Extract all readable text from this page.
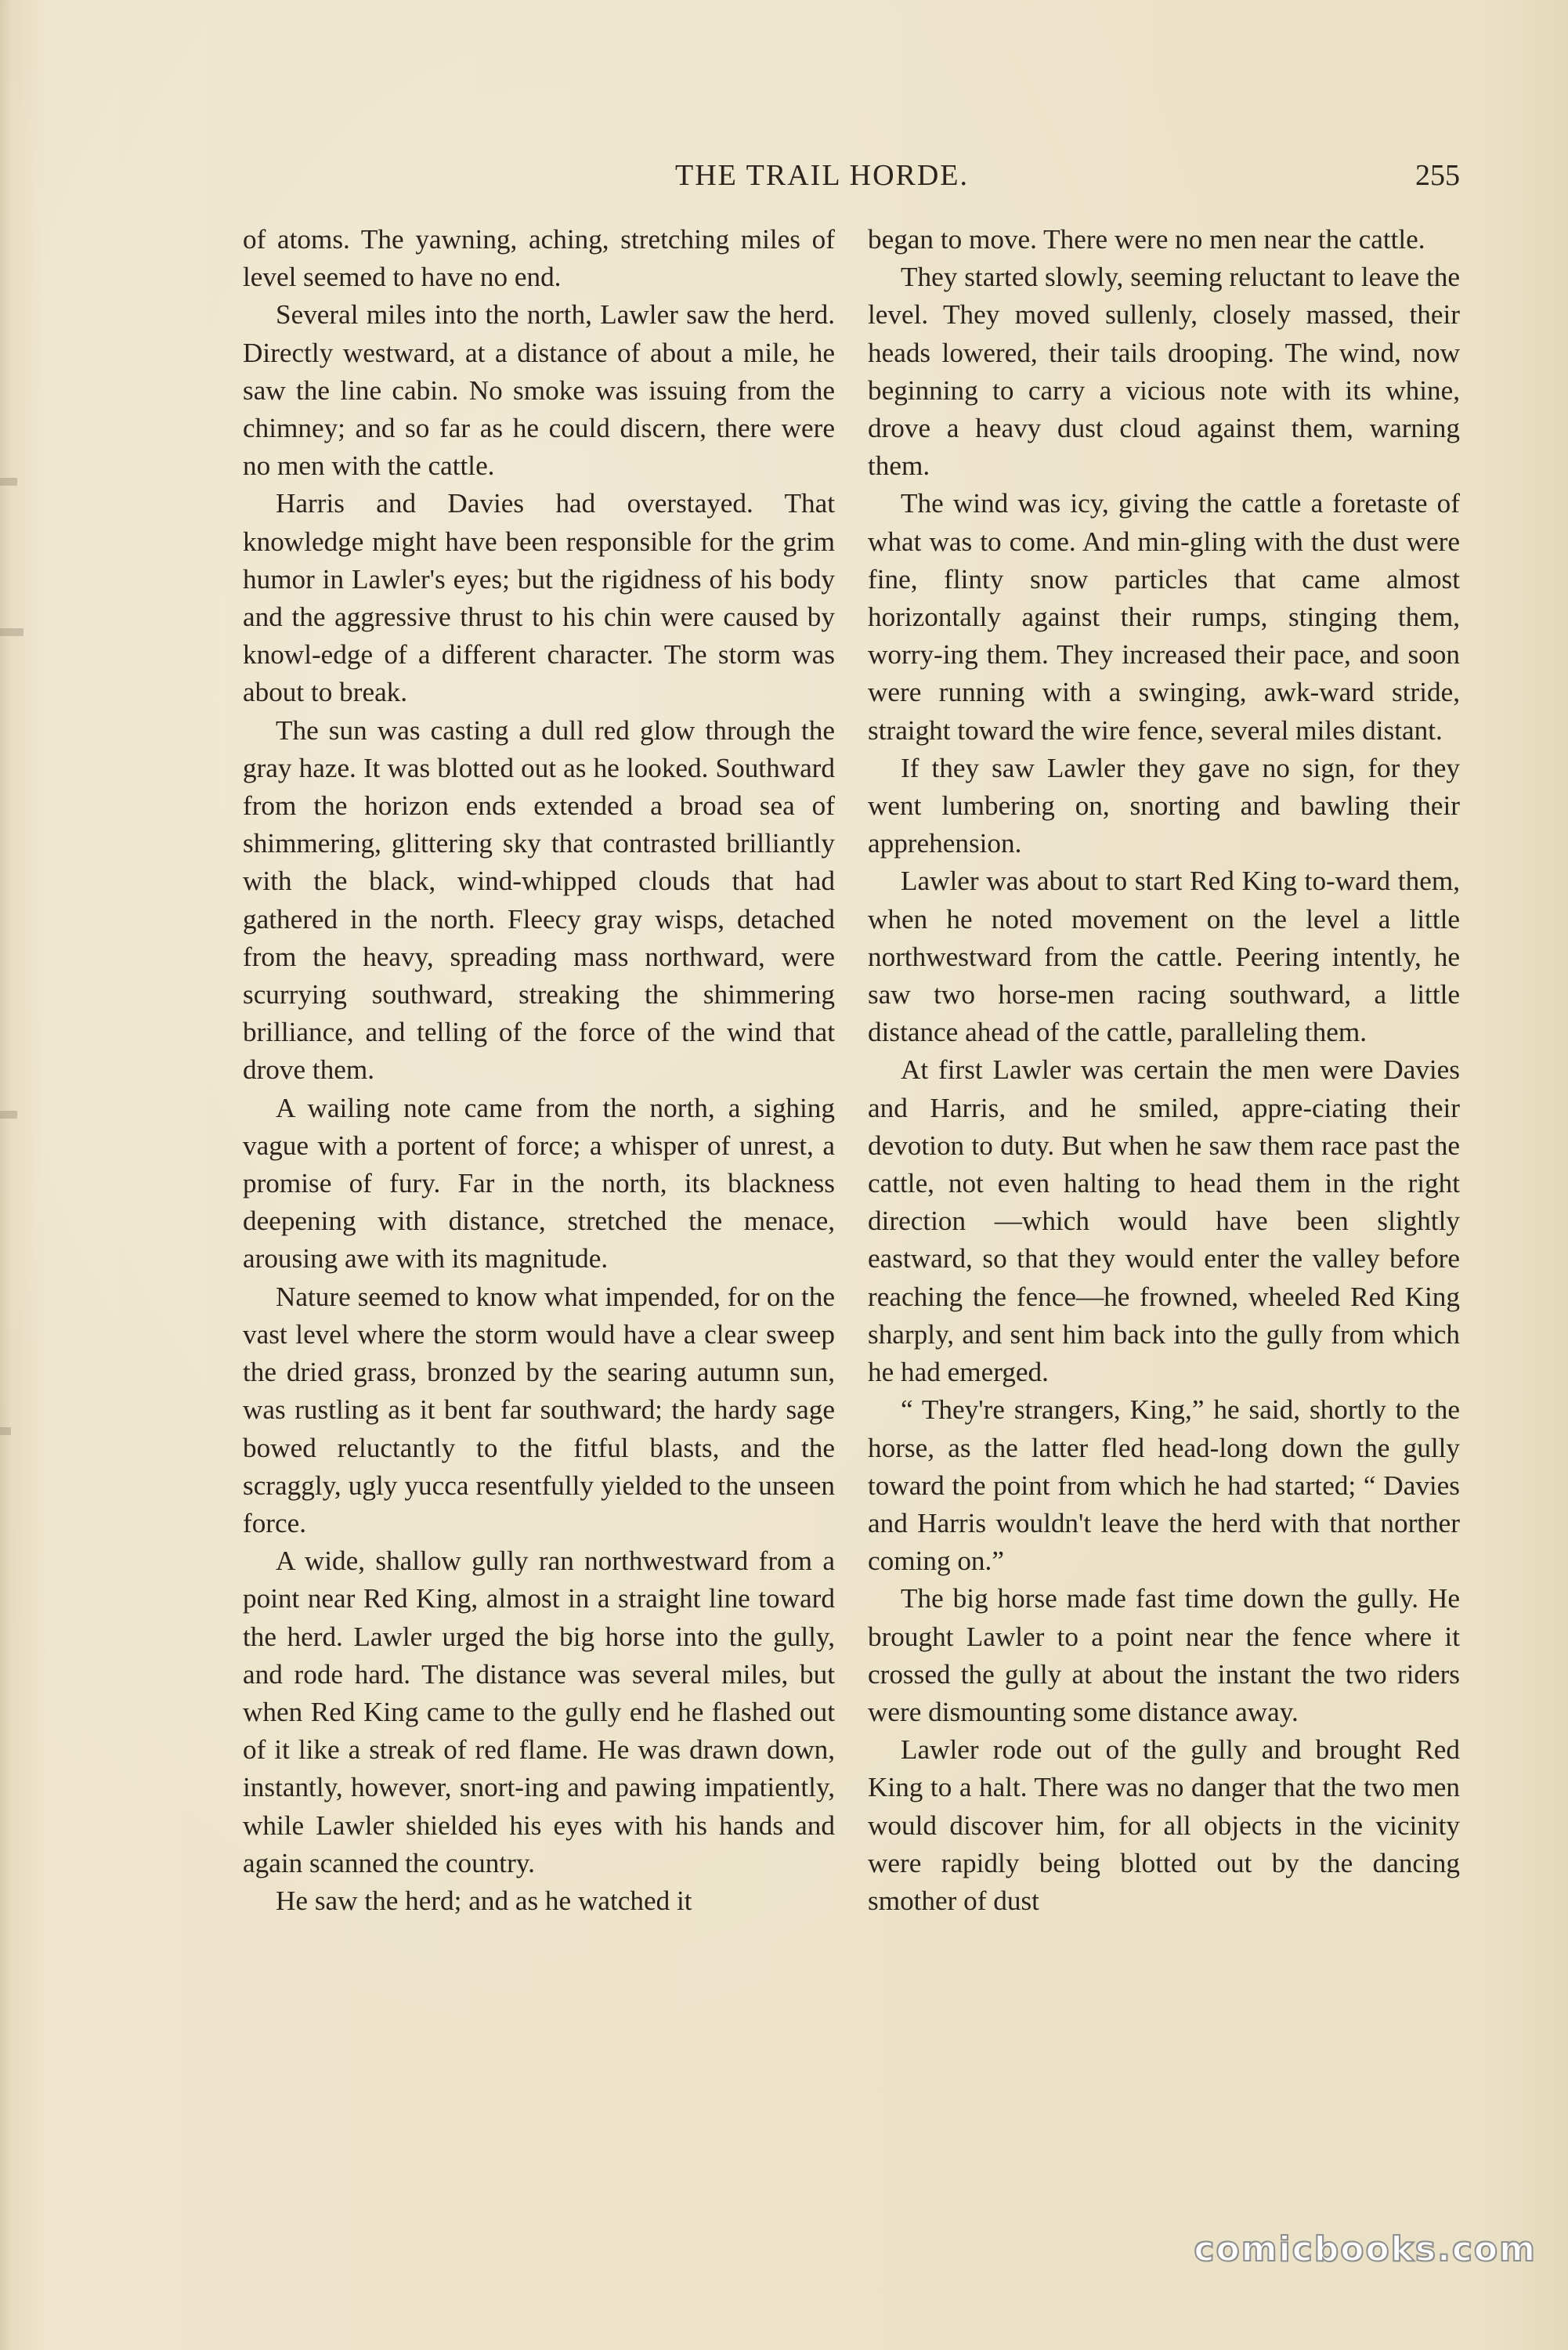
THE TRAIL HORDE.	255

of atoms. The yawning, aching, stretching miles of level seemed to have no end.

Several miles into the north, Lawler saw the herd. Directly westward, at a distance of about a mile, he saw the line cabin. No smoke was issuing from the chimney; and so far as he could discern, there were no men with the cattle.

Harris and Davies had overstayed. That knowledge might have been responsible for the grim humor in Lawler's eyes; but the rigidness of his body and the aggressive thrust to his chin were caused by knowl-edge of a different character. The storm was about to break.

The sun was casting a dull red glow through the gray haze. It was blotted out as he looked. Southward from the horizon ends extended a broad sea of shimmering, glittering sky that contrasted brilliantly with the black, wind-whipped clouds that had gathered in the north. Fleecy gray wisps, detached from the heavy, spreading mass northward, were scurrying southward, streaking the shimmering brilliance, and telling of the force of the wind that drove them.

A wailing note came from the north, a sighing vague with a portent of force; a whisper of unrest, a promise of fury. Far in the north, its blackness deepening with distance, stretched the menace, arousing awe with its magnitude.

Nature seemed to know what impended, for on the vast level where the storm would have a clear sweep the dried grass, bronzed by the searing autumn sun, was rustling as it bent far southward; the hardy sage bowed reluctantly to the fitful blasts, and the scraggly, ugly yucca resentfully yielded to the unseen force.

A wide, shallow gully ran northwestward from a point near Red King, almost in a straight line toward the herd. Lawler urged the big horse into the gully, and rode hard. The distance was several miles, but when Red King came to the gully end he flashed out of it like a streak of red flame. He was drawn down, instantly, however, snort-ing and pawing impatiently, while Lawler shielded his eyes with his hands and again scanned the country.

He saw the herd; and as he watched it

began to move. There were no men near the cattle.

They started slowly, seeming reluctant to leave the level. They moved sullenly, closely massed, their heads lowered, their tails drooping. The wind, now beginning to carry a vicious note with its whine, drove a heavy dust cloud against them, warning them.

The wind was icy, giving the cattle a foretaste of what was to come. And min-gling with the dust were fine, flinty snow particles that came almost horizontally against their rumps, stinging them, worry-ing them. They increased their pace, and soon were running with a swinging, awk-ward stride, straight toward the wire fence, several miles distant.

If they saw Lawler they gave no sign, for they went lumbering on, snorting and bawling their apprehension.

Lawler was about to start Red King to-ward them, when he noted movement on the level a little northwestward from the cattle. Peering intently, he saw two horse-men racing southward, a little distance ahead of the cattle, paralleling them.

At first Lawler was certain the men were Davies and Harris, and he smiled, appre-ciating their devotion to duty. But when he saw them race past the cattle, not even halting to head them in the right direction —which would have been slightly eastward, so that they would enter the valley before reaching the fence—he frowned, wheeled Red King sharply, and sent him back into the gully from which he had emerged.

“ They're strangers, King,” he said, shortly to the horse, as the latter fled head-long down the gully toward the point from which he had started; “ Davies and Harris wouldn't leave the herd with that norther coming on.”

The big horse made fast time down the gully. He brought Lawler to a point near the fence where it crossed the gully at about the instant the two riders were dismounting some distance away.

Lawler rode out of the gully and brought Red King to a halt. There was no danger that the two men would discover him, for all objects in the vicinity were rapidly being blotted out by the dancing smother of dust

comicbooks.com
